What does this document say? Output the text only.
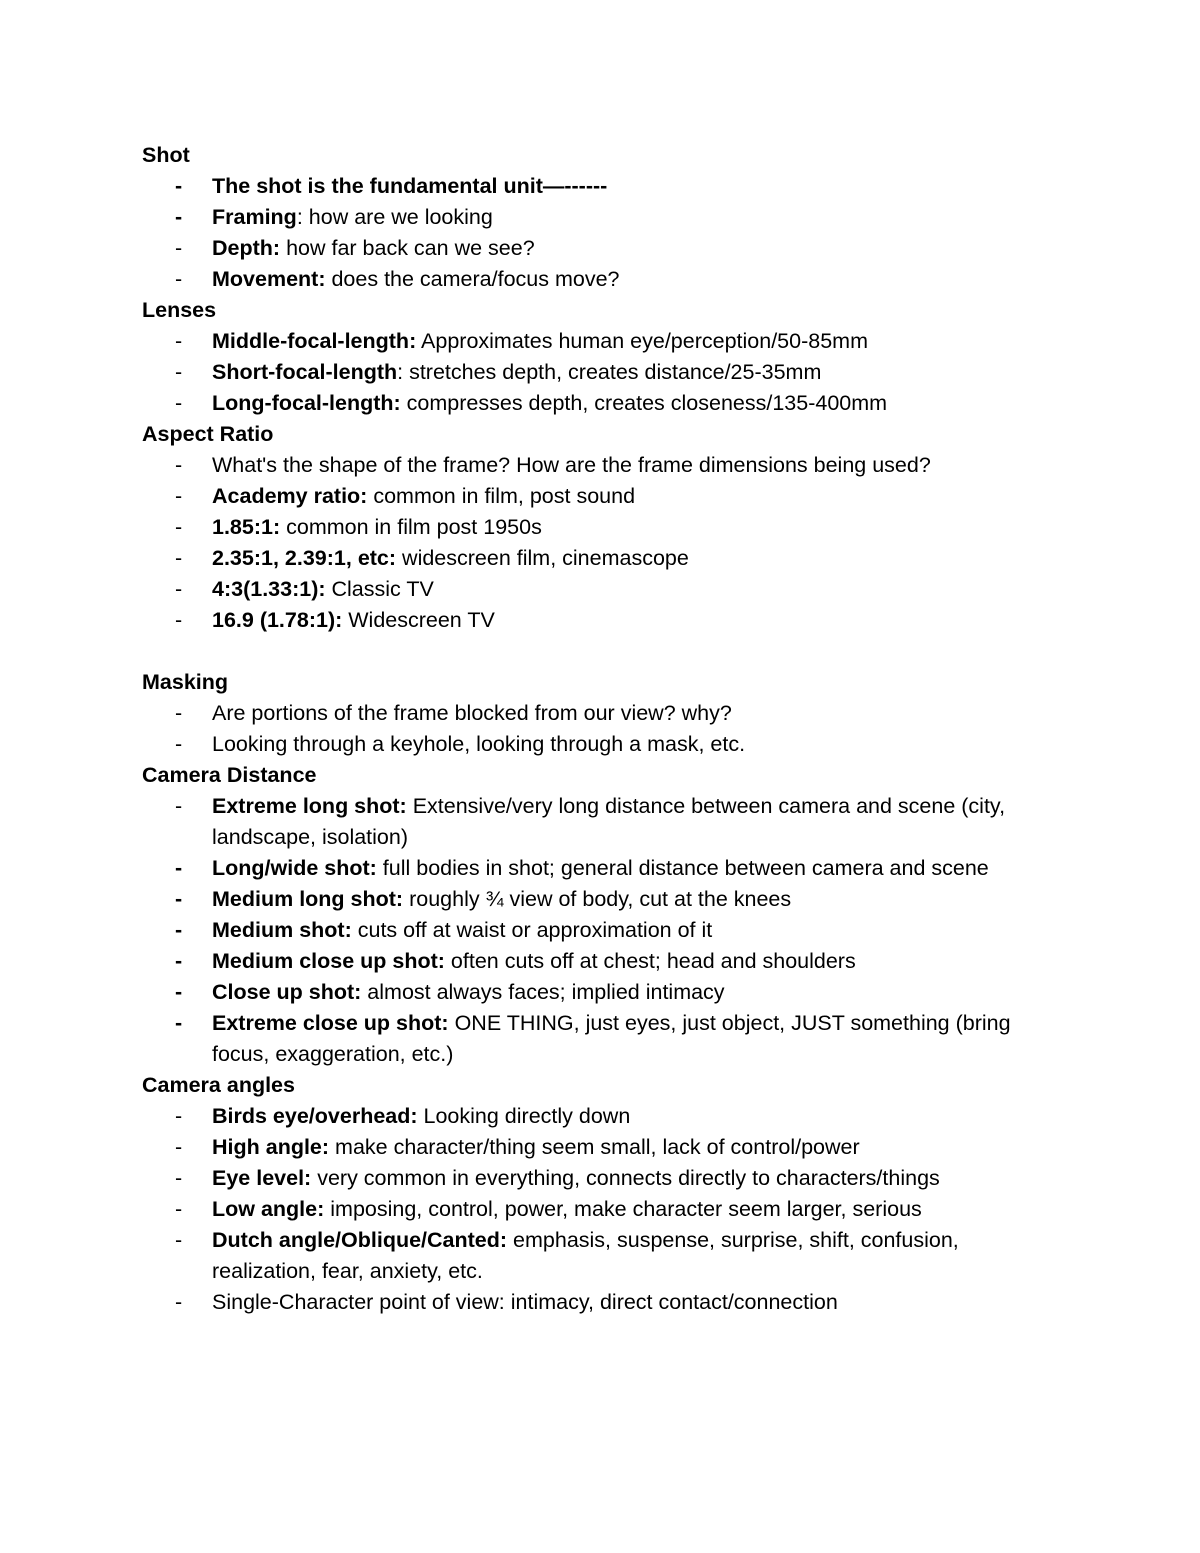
Shot
- The shot is the fundamental unit—------
- Framing: how are we looking
- Depth: how far back can we see?
- Movement: does the camera/focus move?
Lenses
- Middle-focal-length: Approximates human eye/perception/50-85mm
- Short-focal-length: stretches depth, creates distance/25-35mm
- Long-focal-length: compresses depth, creates closeness/135-400mm
Aspect Ratio
- What's the shape of the frame? How are the frame dimensions being used?
- Academy ratio: common in film, post sound
- 1.85:1: common in film post 1950s
- 2.35:1, 2.39:1, etc: widescreen film, cinemascope
- 4:3(1.33:1): Classic TV
- 16.9 (1.78:1): Widescreen TV
Masking
- Are portions of the frame blocked from our view? why?
- Looking through a keyhole, looking through a mask, etc.
Camera Distance
- Extreme long shot: Extensive/very long distance between camera and scene (city, landscape, isolation)
- Long/wide shot: full bodies in shot; general distance between camera and scene
- Medium long shot: roughly ¾ view of body, cut at the knees
- Medium shot: cuts off at waist or approximation of it
- Medium close up shot: often cuts off at chest; head and shoulders
- Close up shot: almost always faces; implied intimacy
- Extreme close up shot: ONE THING, just eyes, just object, JUST something (bring focus, exaggeration, etc.)
Camera angles
- Birds eye/overhead: Looking directly down
- High angle: make character/thing seem small, lack of control/power
- Eye level: very common in everything, connects directly to characters/things
- Low angle: imposing, control, power, make character seem larger, serious
- Dutch angle/Oblique/Canted: emphasis, suspense, surprise, shift, confusion, realization, fear, anxiety, etc.
- Single-Character point of view: intimacy, direct contact/connection
